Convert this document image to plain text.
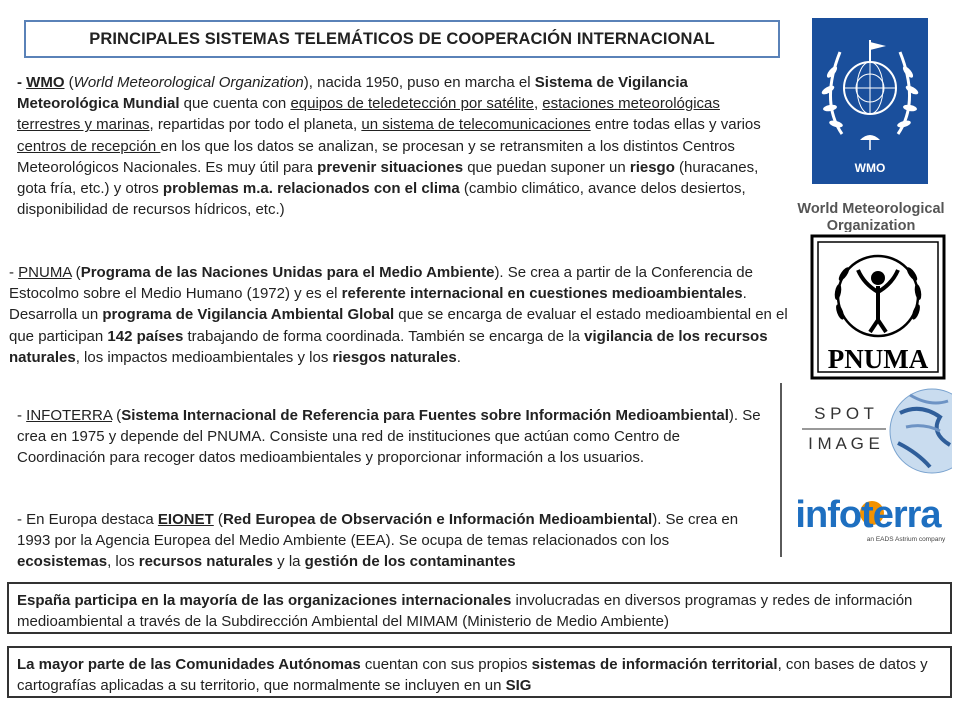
PRINCIPALES SISTEMAS TELEMÁTICOS DE COOPERACIÓN INTERNACIONAL
- WMO (World Meteorological Organization), nacida 1950, puso en marcha el Sistema de Vigilancia Meteorológica Mundial que cuenta con equipos de teledetección por satélite, estaciones meteorológicas terrestres y marinas, repartidas por todo el planeta, un sistema de telecomunicaciones entre todas ellas y varios centros de recepción en los que los datos se analizan, se procesan y se retransmiten a los distintos Centros Meteorológicos Nacionales. Es muy útil para prevenir situaciones que puedan suponer un riesgo (huracanes, gota fría, etc.) y otros problemas m.a. relacionados con el clima (cambio climático, avance delos desiertos, disponibilidad de recursos hídricos, etc.)
- PNUMA (Programa de las Naciones Unidas para el Medio Ambiente). Se crea a partir de la Conferencia de Estocolmo sobre el Medio Humano (1972) y es el referente internacional en cuestiones medioambientales. Desarrolla un programa de Vigilancia Ambiental Global que se encarga de evaluar el estado medioambiental en el que participan 142 países trabajando de forma coordinada. También se encarga de la vigilancia de los recursos naturales, los impactos medioambientales y los riesgos naturales.
- INFOTERRA (Sistema Internacional de Referencia para Fuentes sobre Información Medioambiental). Se crea en 1975 y depende del PNUMA. Consiste una red de instituciones que actúan como Centro de Coordinación para recoger datos medioambientales y proporcionar información a los usuarios.
- En Europa destaca EIONET (Red Europea de Observación e Información Medioambiental). Se crea en 1993 por la Agencia Europea del Medio Ambiente (EEA). Se ocupa de temas relacionados con los ecosistemas, los recursos naturales y la gestión de los contaminantes
España participa en la mayoría de las organizaciones internacionales involucradas en diversos programas y redes de información medioambiental a través de la Subdirección Ambiental del MIMAM (Ministerio de Medio Ambiente)
La mayor parte de las Comunidades Autónomas cuentan con sus propios sistemas de información territorial, con bases de datos y cartografías aplicadas a su territorio, que normalmente se incluyen en un SIG
WMO
World Meteorological
Organization
PNUMA
S P O T
I M A G E
infoterra
an EADS Astrium company
